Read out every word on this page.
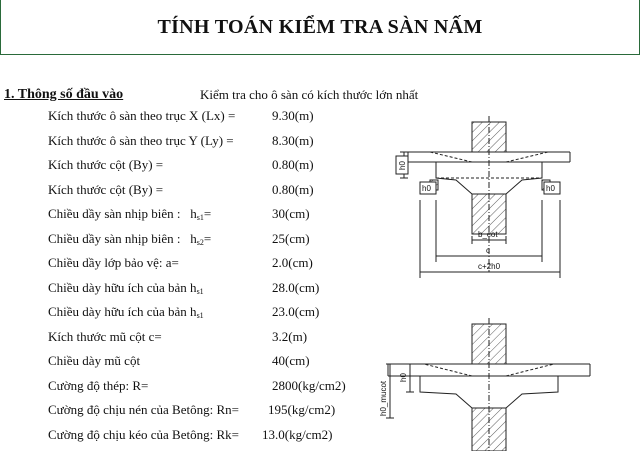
TÍNH TOÁN KIỂM TRA SÀN NẤM
1. Thông số đầu vào	Kiểm tra cho ô sàn có kích thước lớn nhất
Kích thước ô sàn theo trục X (Lx) =	9.30(m)
Kích thước ô sàn theo trục Y (Ly) =	8.30(m)
Kích thước cột (By) =	0.80(m)
Kích thước cột (By) =	0.80(m)
Chiều dầy sàn nhịp biên : $h_{s1}=$	30(cm)
Chiều dầy sàn nhịp biên : $h_{s2}=$	25(cm)
Chiều dầy lớp bảo vệ: a=	2.0(cm)
Chiều dày hữu ích của bản $h_{s1}$	28.0(cm)
Chiều dày hữu ích của bản $h_{s1}$	23.0(cm)
Kích thước mũ cột c=	3.2(m)
Chiều dày mũ cột	40(cm)
Cường độ thép: R=	2800(kg/cm2)
Cường độ chịu nén của Betông: Rn= 195(kg/cm2)
Cường độ chịu kéo của Betông: Rk= 13.0(kg/cm2)
h0
h0	h0
b_cot
c
c+2h0
h0
h0_mucot
